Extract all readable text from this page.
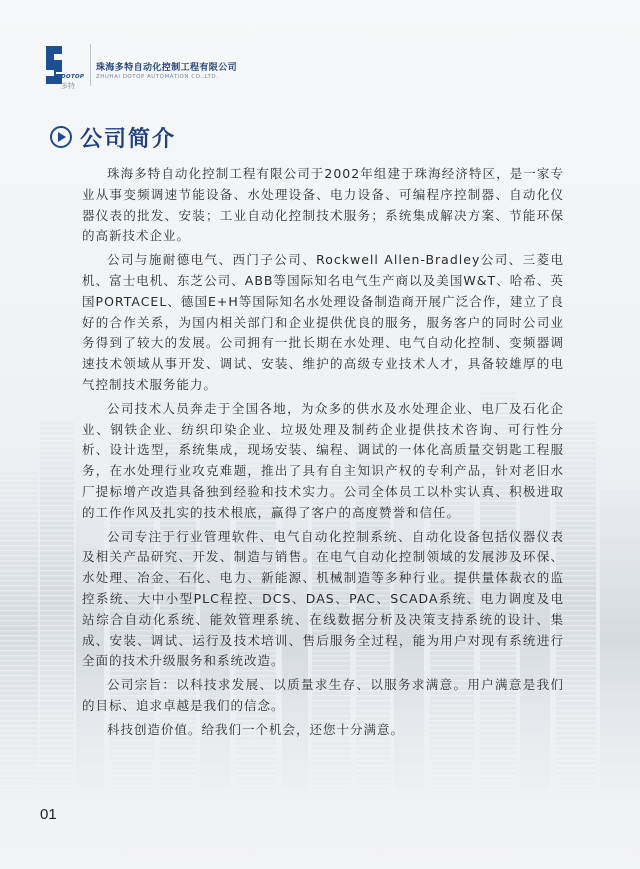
DOTOP
多特
珠海多特自动化控制工程有限公司
ZHUHAI DOTOP AUTOMATION CO.,LTD.
公司简介

珠海多特自动化控制工程有限公司于2002年组建于珠海经济特区，是一家专业从事变频调速节能设备、水处理设备、电力设备、可编程序控制器、自动化仪器仪表的批发、安装；工业自动化控制技术服务；系统集成解决方案、节能环保的高新技术企业。

公司与施耐德电气、西门子公司、Rockwell Allen-Bradley公司、三菱电机、富士电机、东芝公司、ABB等国际知名电气生产商以及美国W&T、哈希、英国PORTACEL、德国E+H等国际知名水处理设备制造商开展广泛合作，建立了良好的合作关系，为国内相关部门和企业提供优良的服务，服务客户的同时公司业务得到了较大的发展。公司拥有一批长期在水处理、电气自动化控制、变频器调速技术领域从事开发、调试、安装、维护的高级专业技术人才，具备较雄厚的电气控制技术服务能力。

公司技术人员奔走于全国各地，为众多的供水及水处理企业、电厂及石化企业、钢铁企业、纺织印染企业、垃圾处理及制药企业提供技术咨询、可行性分析、设计选型，系统集成，现场安装、编程、调试的一体化高质量交钥匙工程服务，在水处理行业攻克难题，推出了具有自主知识产权的专利产品，针对老旧水厂提标增产改造具备独到经验和技术实力。公司全体员工以朴实认真、积极进取的工作作风及扎实的技术根底，赢得了客户的高度赞誉和信任。

公司专注于行业管理软件、电气自动化控制系统、自动化设备包括仪器仪表及相关产品研究、开发、制造与销售。在电气自动化控制领域的发展涉及环保、水处理、冶金、石化、电力、新能源、机械制造等多种行业。提供量体裁衣的监控系统、大中小型PLC程控、DCS、DAS、PAC、SCADA系统、电力调度及电站综合自动化系统、能效管理系统、在线数据分析及决策支持系统的设计、集成、安装、调试、运行及技术培训、售后服务全过程，能为用户对现有系统进行全面的技术升级服务和系统改造。

公司宗旨：以科技求发展、以质量求生存、以服务求满意。用户满意是我们的目标、追求卓越是我们的信念。

科技创造价值。给我们一个机会，还您十分满意。

01
